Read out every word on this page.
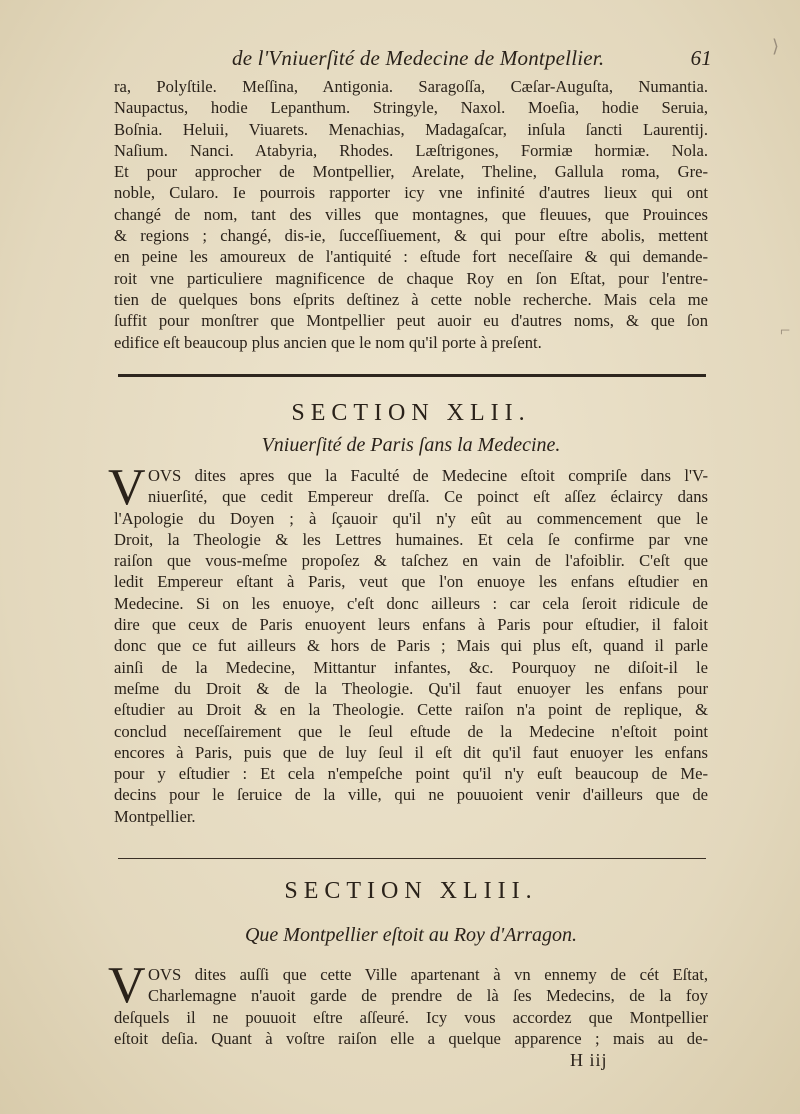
de l'Vniuerſité de Medecine de Montpellier.	61
ra, Polyſtile. Meſſina, Antigonia. Saragoſſa, Cæſar-Auguſta, Numantia.
Naupactus, hodie Lepanthum. Stringyle, Naxol. Moeſia, hodie Seruia,
Boſnia. Heluii, Viuarets. Menachias, Madagaſcar, inſula ſancti Laurentij.
Naſium. Nanci. Atabyria, Rhodes. Læſtrigones, Formiæ hormiæ. Nola.
Et pour approcher de Montpellier, Arelate, Theline, Gallula roma, Gre-
noble, Cularo. Ie pourrois rapporter icy vne infinité d'autres lieux qui ont
changé de nom, tant des villes que montagnes, que fleuues, que Prouinces
& regions ; changé, dis-ie, ſucceſſiuement, & qui pour eſtre abolis, mettent
en peine les amoureux de l'antiquité : eſtude fort neceſſaire & qui demande-
roit vne particuliere magnificence de chaque Roy en ſon Eſtat, pour l'entre-
tien de quelques bons eſprits deſtinez à cette noble recherche. Mais cela me
ſuffit pour monſtrer que Montpellier peut auoir eu d'autres noms, & que ſon
edifice eſt beaucoup plus ancien que le nom qu'il porte à preſent.
SECTION XLII.
Vniuerſité de Paris ſans la Medecine.
V OVS dites apres que la Faculté de Medecine eſtoit compriſe dans l'V-
niuerſité, que cedit Empereur dreſſa. Ce poinct eſt aſſez éclaircy dans
l'Apologie du Doyen ; à ſçauoir qu'il n'y eût au commencement que le
Droit, la Theologie & les Lettres humaines. Et cela ſe confirme par vne
raiſon que vous-meſme propoſez & taſchez en vain de l'afoiblir. C'eſt que
ledit Empereur eſtant à Paris, veut que l'on enuoye les enfans eſtudier en
Medecine. Si on les enuoye, c'eſt donc ailleurs : car cela ſeroit ridicule de
dire que ceux de Paris enuoyent leurs enfans à Paris pour eſtudier, il faloit
donc que ce fut ailleurs & hors de Paris ; Mais qui plus eſt, quand il parle
ainſi de la Medecine, Mittantur infantes, &c. Pourquoy ne diſoit-il le
meſme du Droit & de la Theologie. Qu'il faut enuoyer les enfans pour
eſtudier au Droit & en la Theologie. Cette raiſon n'a point de replique, &
conclud neceſſairement que le ſeul eſtude de la Medecine n'eſtoit point
encores à Paris, puis que de luy ſeul il eſt dit qu'il faut enuoyer les enfans
pour y eſtudier : Et cela n'empeſche point qu'il n'y euſt beaucoup de Me-
decins pour le ſeruice de la ville, qui ne pouuoient venir d'ailleurs que de
Montpellier.
SECTION XLIII.
Que Montpellier eſtoit au Roy d'Arragon.
V OVS dites auſſi que cette Ville apartenant à vn ennemy de cét Eſtat,
Charlemagne n'auoit garde de prendre de là ſes Medecins, de la foy
deſquels il ne pouuoit eſtre aſſeuré. Icy vous accordez que Montpellier
eſtoit deſia. Quant à voſtre raiſon elle a quelque apparence ; mais au de-
H iij
⟩
⌐
